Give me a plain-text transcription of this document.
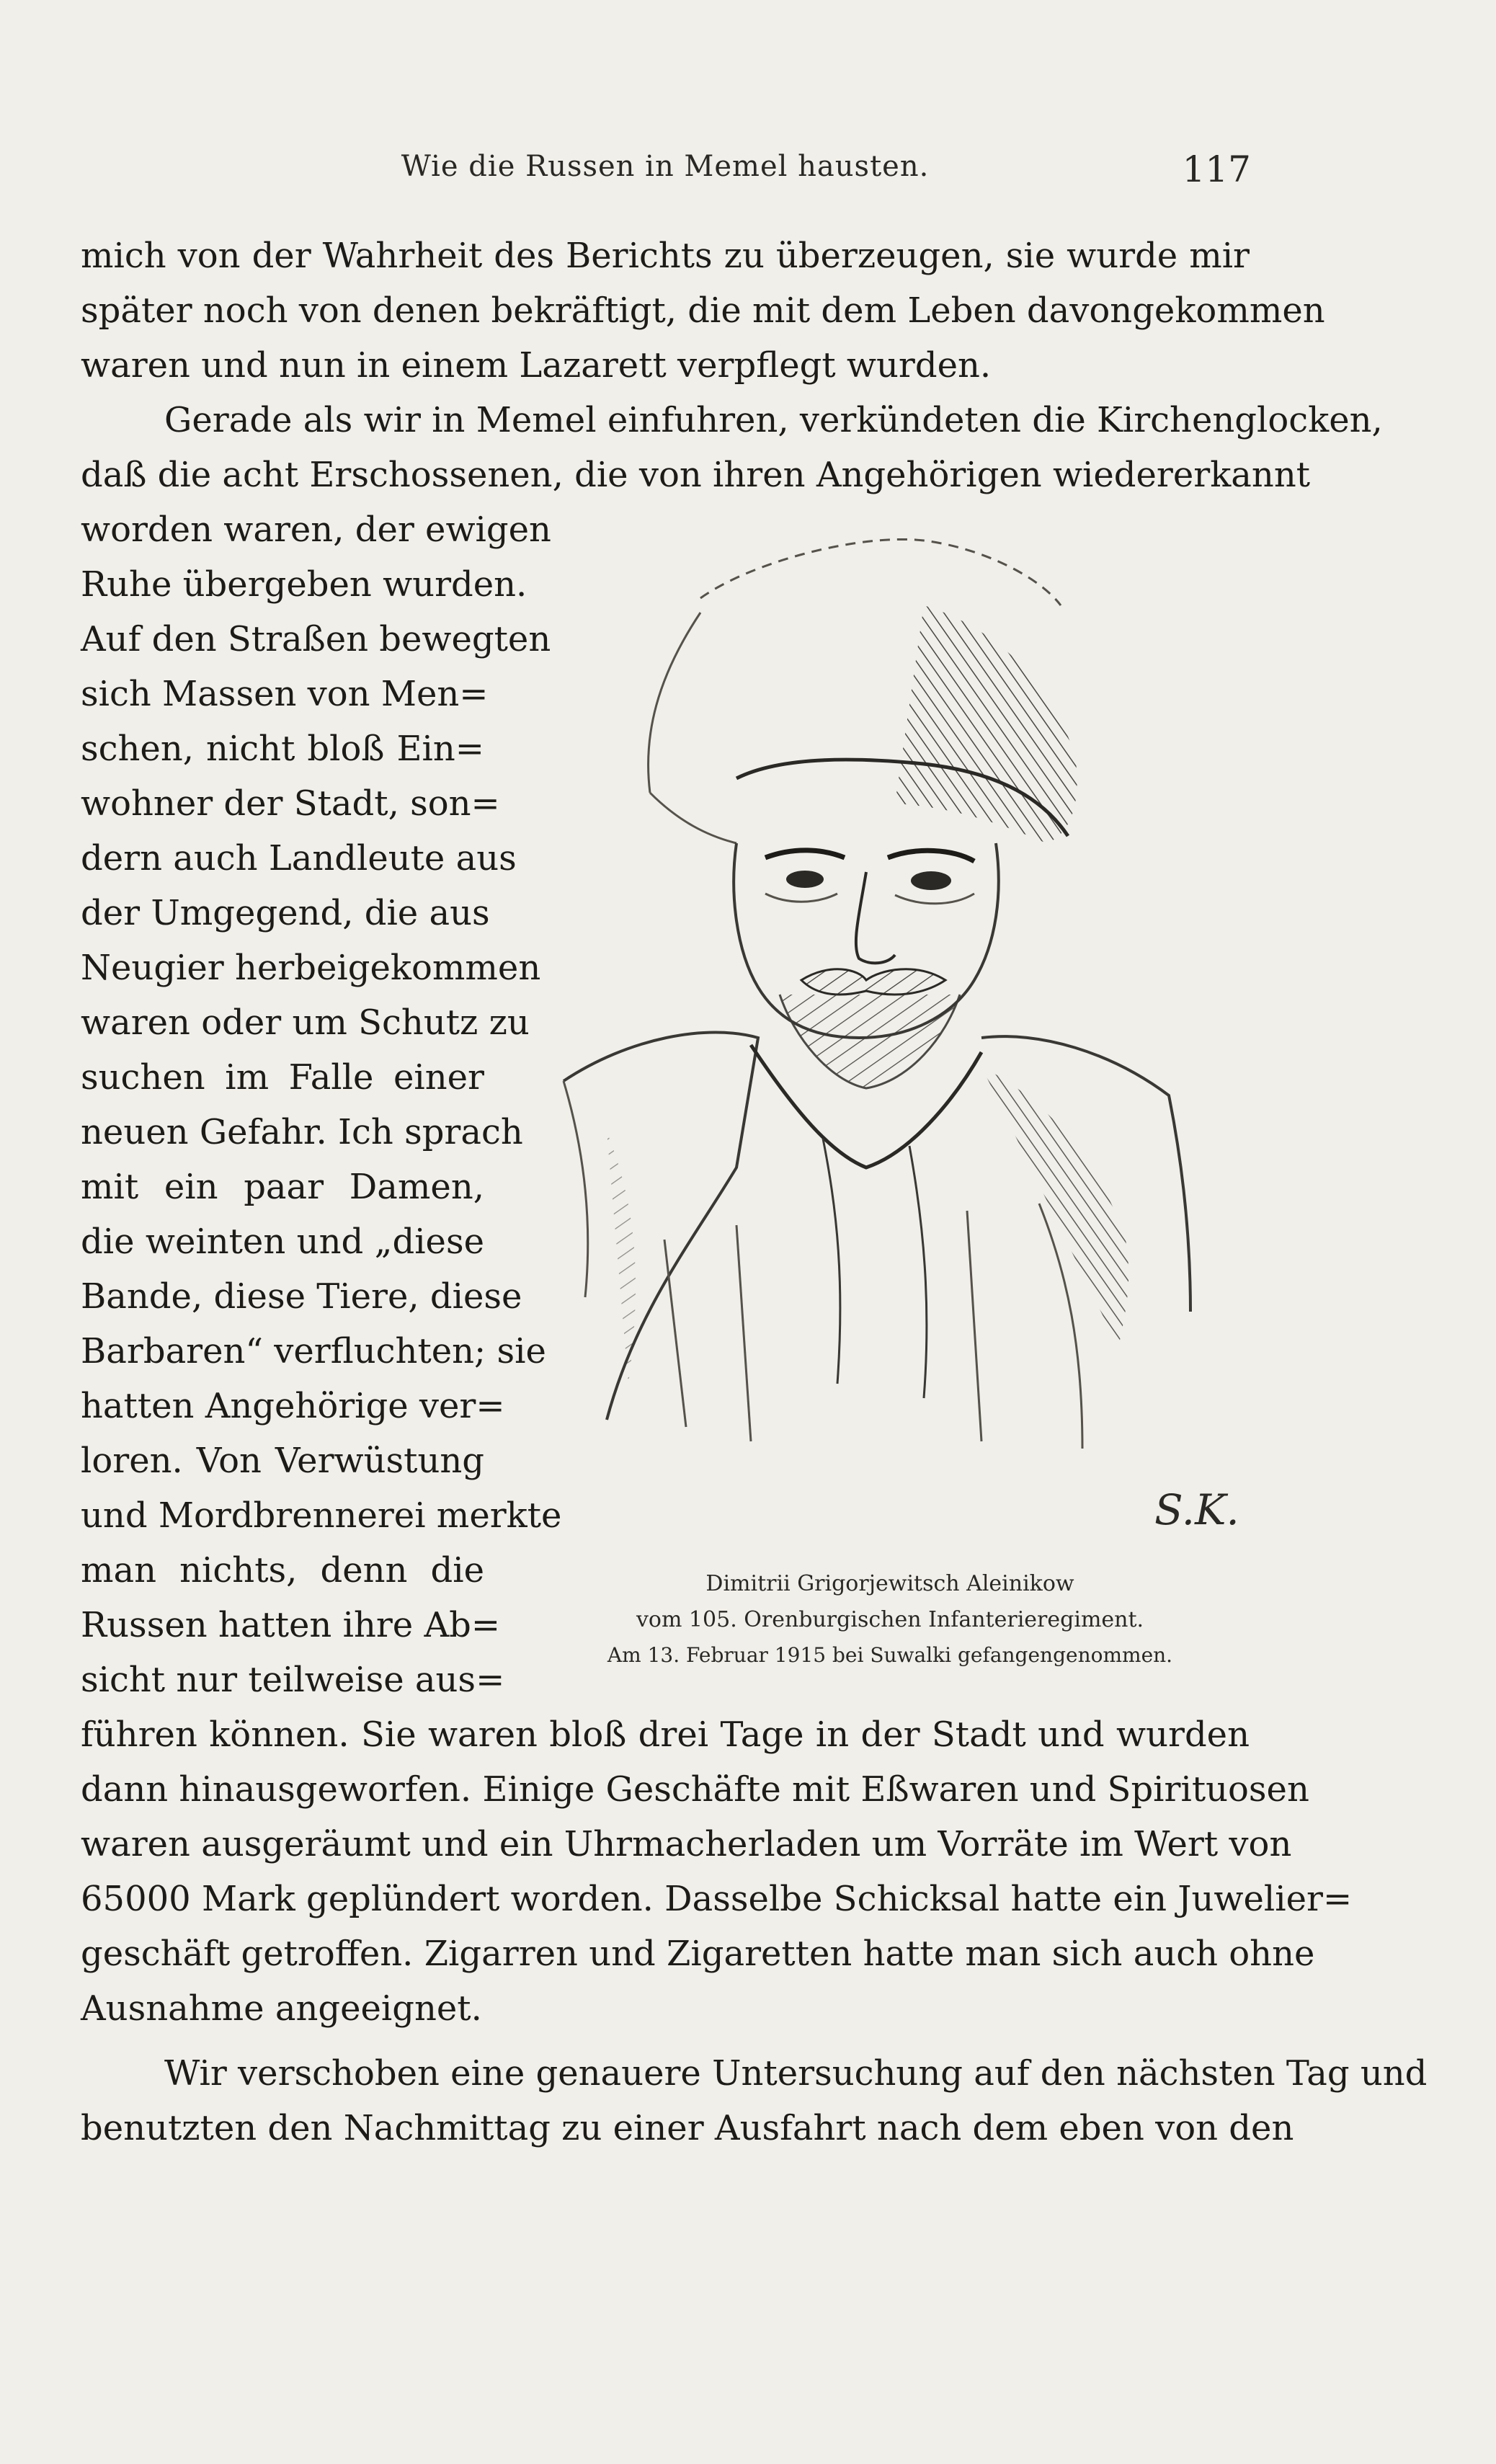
Wie die Russen in Memel hausten.	117
mich von der Wahrheit des Berichts zu überzeugen, sie wurde mir
später noch von denen bekräftigt, die mit dem Leben davongekommen
waren und nun in einem Lazarett verpflegt wurden.
Gerade als wir in Memel einfuhren, verkündeten die Kirchenglocken,
daß die acht Erschossenen, die von ihren Angehörigen wiedererkannt
worden waren, der ewigen
Ruhe übergeben wurden.
Auf den Straßen bewegten
sich Massen von Men=
schen, nicht bloß Ein=
wohner der Stadt, son=
dern auch Landleute aus
der Umgegend, die aus
Neugier herbeigekommen
waren oder um Schutz zu
suchen im Falle einer
neuen Gefahr. Ich sprach
mit ein paar Damen,
die weinten und „diese
Bande, diese Tiere, diese
Barbaren“ verfluchten; sie
hatten Angehörige ver=
loren. Von Verwüstung
und Mordbrennerei merkte
man nichts, denn die
Russen hatten ihre Ab=
sicht nur teilweise aus=
führen können. Sie waren bloß drei Tage in der Stadt und wurden
dann hinausgeworfen. Einige Geschäfte mit Eßwaren und Spirituosen
waren ausgeräumt und ein Uhrmacherladen um Vorräte im Wert von
65000 Mark geplündert worden. Dasselbe Schicksal hatte ein Juwelier=
geschäft getroffen. Zigarren und Zigaretten hatte man sich auch ohne
Ausnahme angeeignet.
Wir verschoben eine genauere Untersuchung auf den nächsten Tag und
benutzten den Nachmittag zu einer Ausfahrt nach dem eben von den
S.K.
Dimitrii Grigorjewitsch Aleinikow
vom 105. Orenburgischen Infanterieregiment.
Am 13. Februar 1915 bei Suwalki gefangengenommen.
